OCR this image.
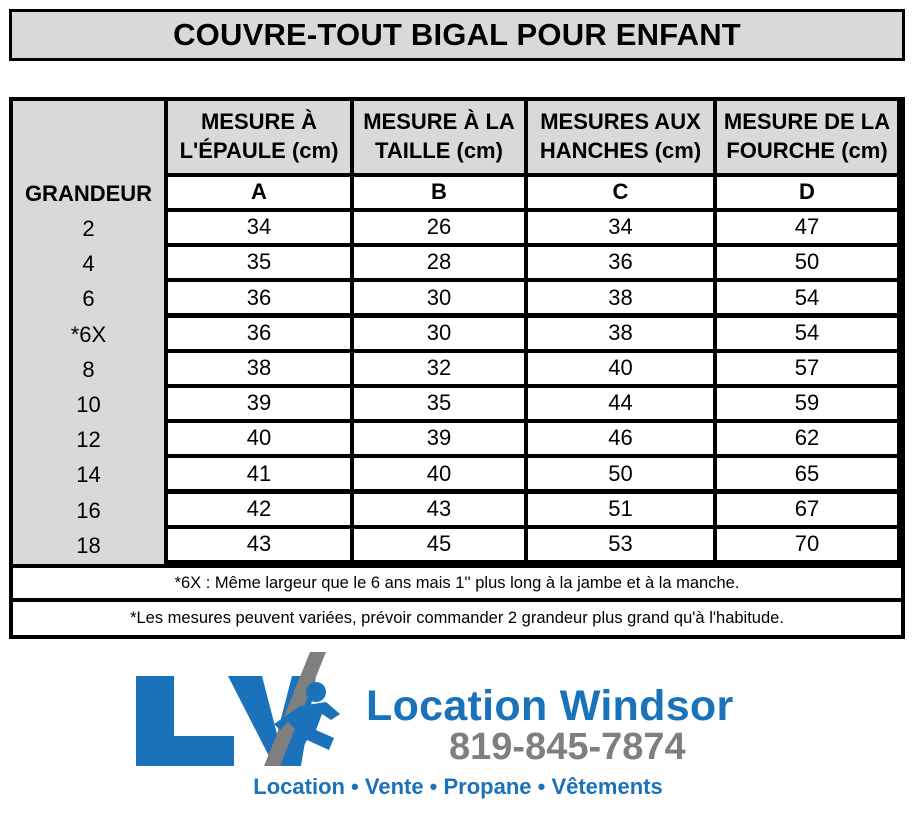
COUVRE-TOUT BIGAL POUR ENFANT
GRANDEUR
2
4
6
*6X
8
10
12
14
16
18
*6X : Même largeur que le 6 ans mais 1'' plus long à la jambe et à la manche.
*Les mesures peuvent variées, prévoir commander 2 grandeur plus grand qu'à l'habitude.
MESURE À
L'ÉPAULE (cm)
A
34
35
36
36
38
39
40
41
42
43
MESURE À LA
TAILLE (cm)
B
26
28
30
30
32
35
39
40
43
45
MESURES AUX
HANCHES (cm)
C
34
36
38
38
40
44
46
50
51
53
MESURE DE LA
FOURCHE (cm)
D
47
50
54
54
57
59
62
65
67
70
Location Windsor
819-845-7874
Location • Vente • Propane • Vêtements
